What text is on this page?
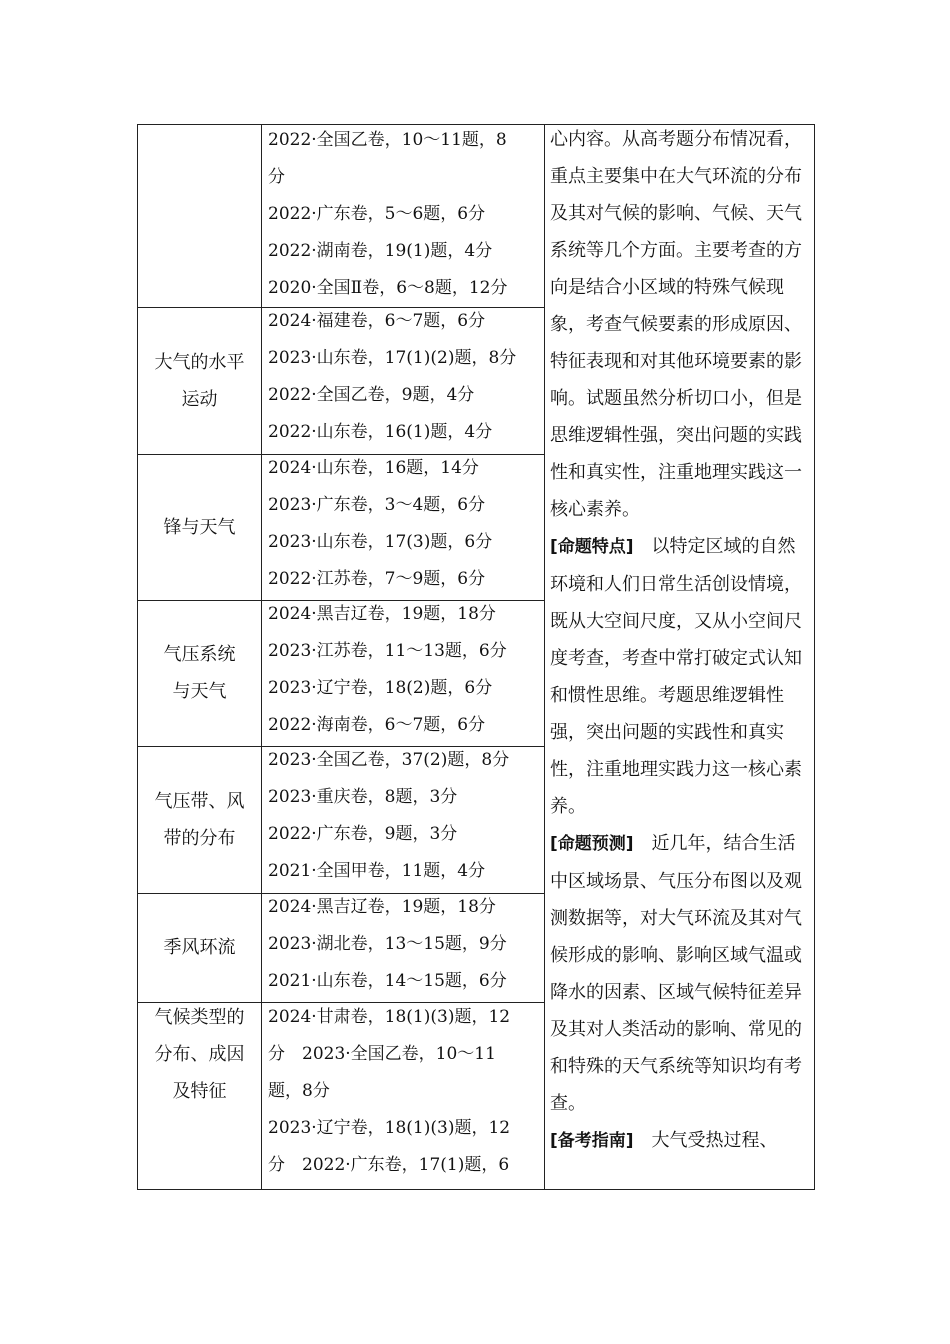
2022·全国乙卷，10～11题，8分
2022·广东卷，5～6题，6分
2022·湖南卷，19(1)题，4分
2020·全国Ⅱ卷，6～8题，12分
大气的水平运动
2024·福建卷，6～7题，6分
2023·山东卷，17(1)(2)题，8分
2022·全国乙卷，9题，4分
2022·山东卷，16(1)题，4分
锋与天气
2024·山东卷，16题，14分
2023·广东卷，3～4题，6分
2023·山东卷，17(3)题，6分
2022·江苏卷，7～9题，6分
气压系统与天气
2024·黑吉辽卷，19题，18分
2023·江苏卷，11～13题，6分
2023·辽宁卷，18(2)题，6分
2022·海南卷，6～7题，6分
气压带、风带的分布
2023·全国乙卷，37(2)题，8分
2023·重庆卷，8题，3分
2022·广东卷，9题，3分
2021·全国甲卷，11题，4分
季风环流
2024·黑吉辽卷，19题，18分
2023·湖北卷，13～15题，9分
2021·山东卷，14～15题，6分
气候类型的分布、成因及特征
2024·甘肃卷，18(1)(3)题，12分　2023·全国乙卷，10～11题，8分
2023·辽宁卷，18(1)(3)题，12分　2022·广东卷，17(1)题，6

心内容。从高考题分布情况看，重点主要集中在大气环流的分布及其对气候的影响、气候、天气系统等几个方面。主要考查的方向是结合小区域的特殊气候现象，考查气候要素的形成原因、特征表现和对其他环境要素的影响。试题虽然分析切口小，但是思维逻辑性强，突出问题的实践性和真实性，注重地理实践这一核心素养。

[命题特点]　 以特定区域的自然环境和人们日常生活创设情境，既从大空间尺度，又从小空间尺度考查，考查中常打破定式认知和惯性思维。考题思维逻辑性强，突出问题的实践性和真实性，注重地理实践力这一核心素养。

[命题预测]　 近几年，结合生活中区域场景、气压分布图以及观测数据等，对大气环流及其对气候形成的影响、影响区域气温或降水的因素、区域气候特征差异及其对人类活动的影响、常见的和特殊的天气系统等知识均有考查。

[备考指南]　 大气受热过程、
